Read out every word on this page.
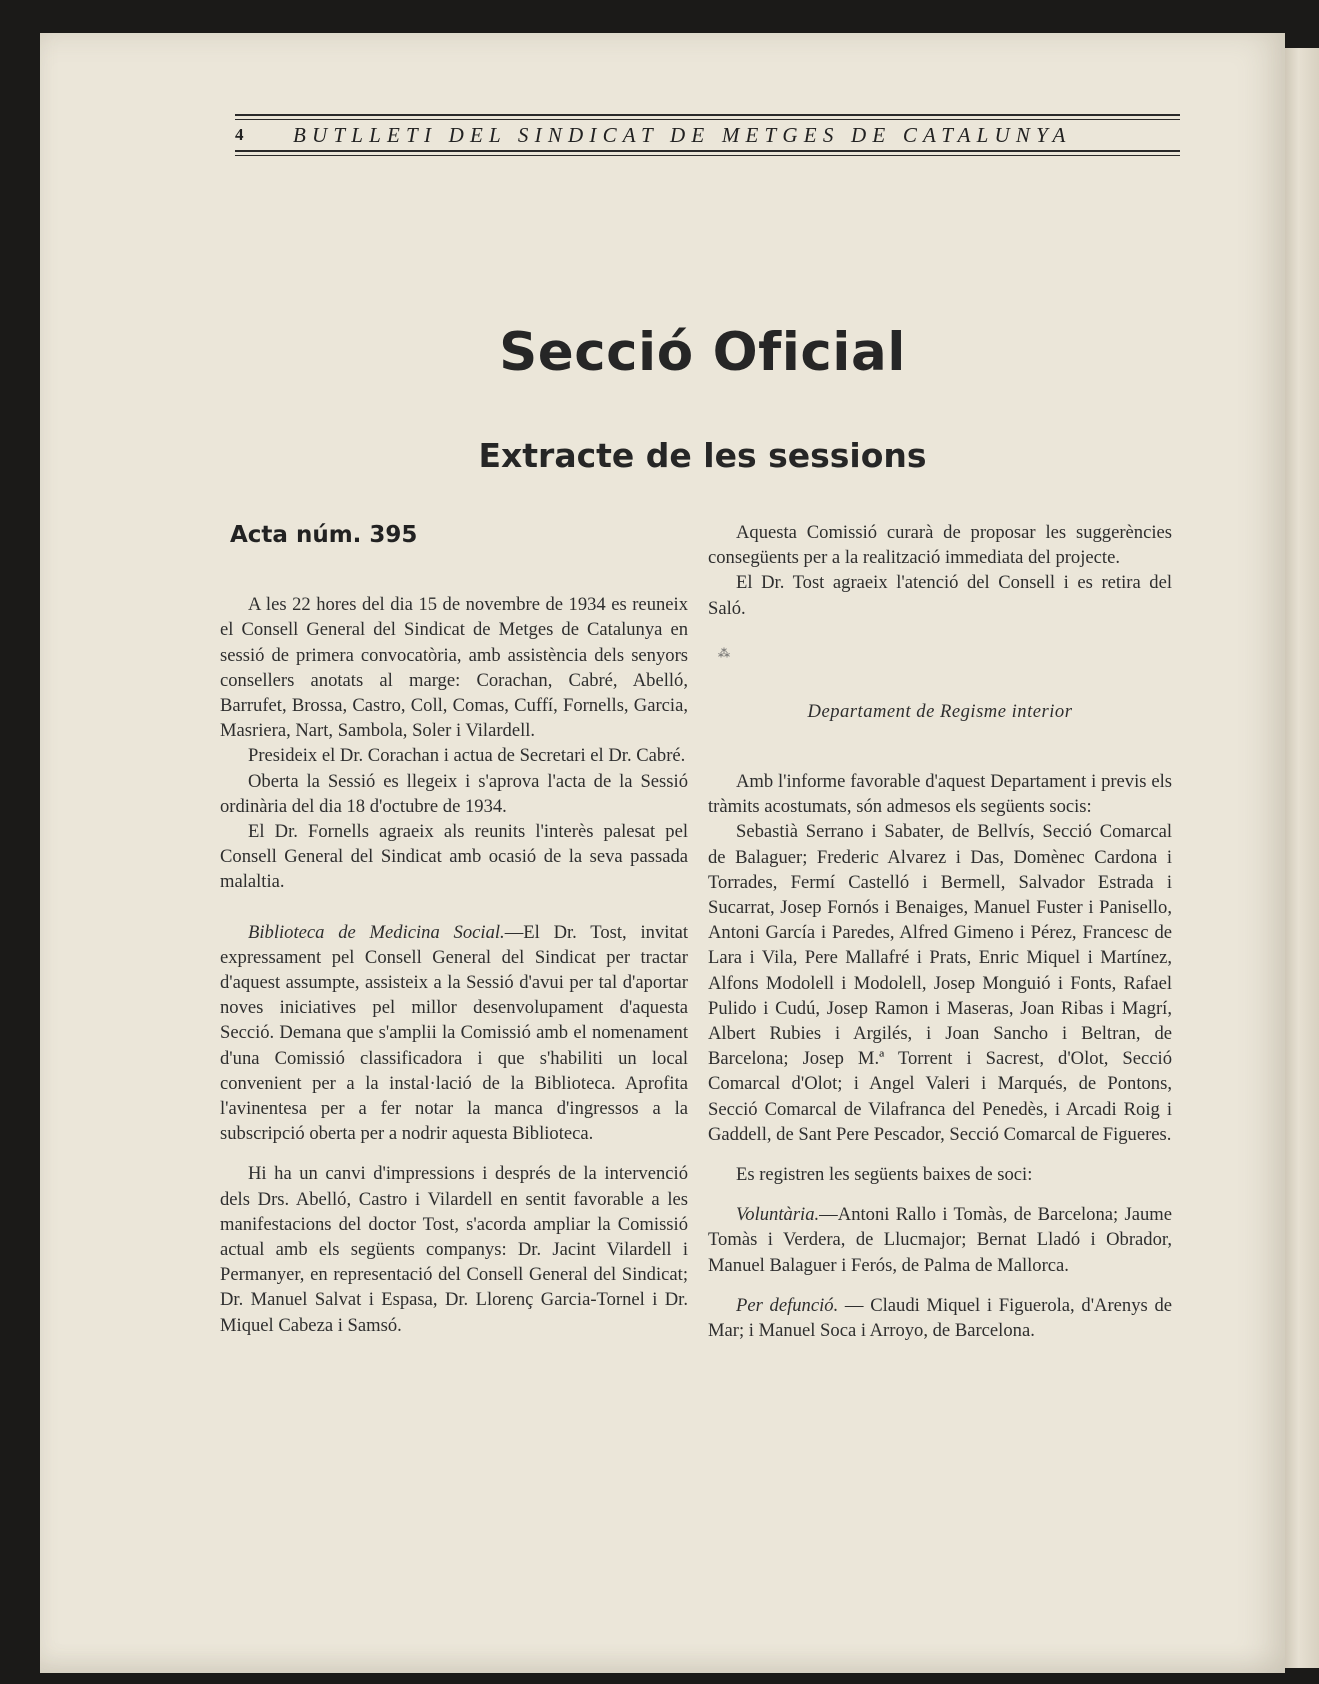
4	BUTLLETI DEL SINDICAT DE METGES DE CATALUNYA
Secció Oficial
Extracte de les sessions
Acta núm. 395

A les 22 hores del dia 15 de novembre de 1934 es reuneix el Consell General del Sindicat de Metges de Catalunya en sessió de primera convocatòria, amb assistència dels senyors consellers anotats al marge: Corachan, Cabré, Abelló, Barrufet, Brossa, Castro, Coll, Comas, Cuffí, Fornells, Garcia, Masriera, Nart, Sambola, Soler i Vilardell.

Presideix el Dr. Corachan i actua de Secretari el Dr. Cabré.

Oberta la Sessió es llegeix i s'aprova l'acta de la Sessió ordinària del dia 18 d'octubre de 1934.

El Dr. Fornells agraeix als reunits l'interès palesat pel Consell General del Sindicat amb ocasió de la seva passada malaltia.

Biblioteca de Medicina Social.—El Dr. Tost, invitat expressament pel Consell General del Sindicat per tractar d'aquest assumpte, assisteix a la Sessió d'avui per tal d'aportar noves iniciatives pel millor desenvolupament d'aquesta Secció. Demana que s'amplii la Comissió amb el nomenament d'una Comissió classificadora i que s'habiliti un local convenient per a la instal·lació de la Biblioteca. Aprofita l'avinentesa per a fer notar la manca d'ingressos a la subscripció oberta per a nodrir aquesta Biblioteca.

Hi ha un canvi d'impressions i després de la intervenció dels Drs. Abelló, Castro i Vilardell en sentit favorable a les manifestacions del doctor Tost, s'acorda ampliar la Comissió actual amb els següents companys: Dr. Jacint Vilardell i Permanyer, en representació del Consell General del Sindicat; Dr. Manuel Salvat i Espasa, Dr. Llorenç Garcia-Tornel i Dr. Miquel Cabeza i Samsó.

Aquesta Comissió curarà de proposar les suggerències consegüents per a la realització immediata del projecte.

El Dr. Tost agraeix l'atenció del Consell i es retira del Saló.

⁂

Departament de Regisme interior

Amb l'informe favorable d'aquest Departament i previs els tràmits acostumats, són admesos els següents socis:

Sebastià Serrano i Sabater, de Bellvís, Secció Comarcal de Balaguer; Frederic Alvarez i Das, Domènec Cardona i Torrades, Fermí Castelló i Bermell, Salvador Estrada i Sucarrat, Josep Fornós i Benaiges, Manuel Fuster i Panisello, Antoni García i Paredes, Alfred Gimeno i Pérez, Francesc de Lara i Vila, Pere Mallafré i Prats, Enric Miquel i Martínez, Alfons Modolell i Modolell, Josep Monguió i Fonts, Rafael Pulido i Cudú, Josep Ramon i Maseras, Joan Ribas i Magrí, Albert Rubies i Argilés, i Joan Sancho i Beltran, de Barcelona; Josep M.ª Torrent i Sacrest, d'Olot, Secció Comarcal d'Olot; i Angel Valeri i Marqués, de Pontons, Secció Comarcal de Vilafranca del Penedès, i Arcadi Roig i Gaddell, de Sant Pere Pescador, Secció Comarcal de Figueres.

Es registren les següents baixes de soci:

Voluntària.—Antoni Rallo i Tomàs, de Barcelona; Jaume Tomàs i Verdera, de Llucmajor; Bernat Lladó i Obrador, Manuel Balaguer i Ferós, de Palma de Mallorca.

Per defunció. — Claudi Miquel i Figuerola, d'Arenys de Mar; i Manuel Soca i Arroyo, de Barcelona.
